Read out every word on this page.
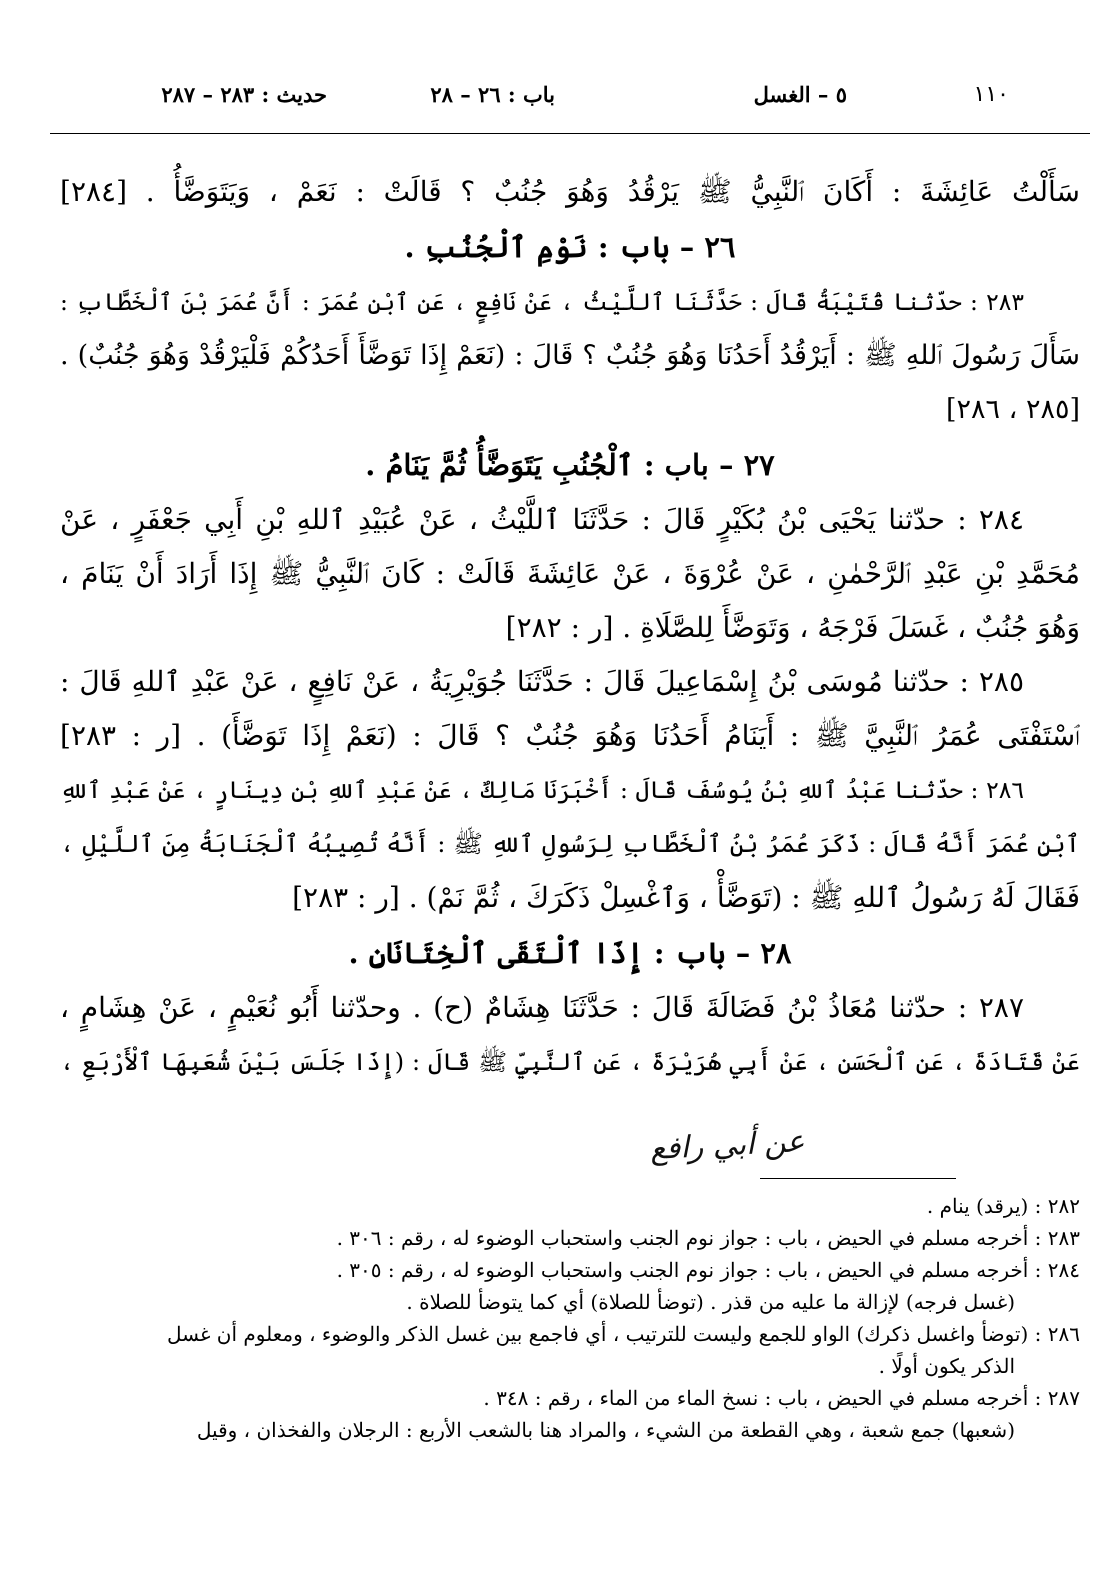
١١٠
٥ – الغسل
باب : ٢٦ – ٢٨
حديث : ٢٨٣ – ٢٨٧
سَأَلْتُ عَائِشَةَ : أَكَانَ ٱلنَّبِيُّ ﷺ يَرْقُدُ وَهُوَ جُنُبٌ ؟ قَالَتْ : نَعَمْ ، وَيَتَوَضَّأُ . [٢٨٤]
٢٦ – باب : نَوْمِ ٱلْجُنُبِ .
٢٨٣ : حدّثنا قُتَيْبَةُ قَالَ : حَدَّثَنَا ٱللَّيْثُ ، عَنْ نَافِعٍ ، عَنِ ٱبْنِ عُمَرَ : أَنَّ عُمَرَ بْنَ ٱلْخَطَّابِ :
سَأَلَ رَسُولَ ٱللهِ ﷺ : أَيَرْقُدُ أَحَدُنَا وَهُوَ جُنُبٌ ؟ قَالَ : (نَعَمْ إِذَا تَوَضَّأَ أَحَدُكُمْ فَلْيَرْقُدْ وَهُوَ جُنُبٌ) .
[٢٨٥ ، ٢٨٦]
٢٧ – باب : ٱلْجُنُبِ يَتَوَضَّأُ ثُمَّ يَنَامُ .
٢٨٤ : حدّثنا يَحْيَى بْنُ بُكَيْرٍ قَالَ : حَدَّثَنَا ٱللَّيْثُ ، عَنْ عُبَيْدِ ٱللهِ بْنِ أَبِي جَعْفَرٍ ، عَنْ
مُحَمَّدِ بْنِ عَبْدِ ٱلرَّحْمٰنِ ، عَنْ عُرْوَةَ ، عَنْ عَائِشَةَ قَالَتْ : كَانَ ٱلنَّبِيُّ ﷺ إِذَا أَرَادَ أَنْ يَنَامَ ،
وَهُوَ جُنُبٌ ، غَسَلَ فَرْجَهُ ، وَتَوَضَّأَ لِلصَّلَاةِ . [ر : ٢٨٢]
٢٨٥ : حدّثنا مُوسَى بْنُ إِسْمَاعِيلَ قَالَ : حَدَّثَنَا جُوَيْرِيَةُ ، عَنْ نَافِعٍ ، عَنْ عَبْدِ ٱللهِ قَالَ :
ٱسْتَفْتَى عُمَرُ ٱلنَّبِيَّ ﷺ : أَيَنَامُ أَحَدُنَا وَهُوَ جُنُبٌ ؟ قَالَ : (نَعَمْ إِذَا تَوَضَّأَ) . [ر : ٢٨٣]
٢٨٦ : حدّثنا عَبْدُ ٱللهِ بْنُ يُوسُفَ قَالَ : أَخْبَرَنَا مَالِكٌ ، عَنْ عَبْدِ ٱللهِ بْنِ دِينَارٍ ، عَنْ عَبْدِ ٱللهِ
ٱبْنِ عُمَرَ أَنَّهُ قَالَ : ذَكَرَ عُمَرُ بْنُ ٱلْخَطَّابِ لِرَسُولِ ٱللهِ ﷺ : أَنَّهُ تُصِيبُهُ ٱلْجَنَابَةُ مِنَ ٱللَّيْلِ ،
فَقَالَ لَهُ رَسُولُ ٱللهِ ﷺ : (تَوَضَّأْ ، وَٱغْسِلْ ذَكَرَكَ ، ثُمَّ نَمْ) . [ر : ٢٨٣]
٢٨ – باب : إِذَا ٱلْتَقَى ٱلْخِتَانَانِ .
٢٨٧ : حدّثنا مُعَاذُ بْنُ فَضَالَةَ قَالَ : حَدَّثَنَا هِشَامٌ (ح) . وحدّثنا أَبُو نُعَيْمٍ ، عَنْ هِشَامٍ ،
عَنْ قَتَادَةَ ، عَنِ ٱلْحَسَنِ ، عَنْ أَبِي هُرَيْرَةَ ، عَنِ ٱلنَّبِيِّ ﷺ قَالَ : (إِذَا جَلَسَ بَيْنَ شُعَبِهَا ٱلْأَرْبَعِ ،
عن أبي رافع
٢٨٢ : (يرقد) ينام .
٢٨٣ : أخرجه مسلم في الحيض ، باب : جواز نوم الجنب واستحباب الوضوء له ، رقم : ٣٠٦ .
٢٨٤ : أخرجه مسلم في الحيض ، باب : جواز نوم الجنب واستحباب الوضوء له ، رقم : ٣٠٥ .
(غسل فرجه) لإزالة ما عليه من قذر . (توضأ للصلاة) أي كما يتوضأ للصلاة .
٢٨٦ : (توضأ واغسل ذكرك) الواو للجمع وليست للترتيب ، أي فاجمع بين غسل الذكر والوضوء ، ومعلوم أن غسل
الذكر يكون أولًا .
٢٨٧ : أخرجه مسلم في الحيض ، باب : نسخ الماء من الماء ، رقم : ٣٤٨ .
(شعبها) جمع شعبة ، وهي القطعة من الشيء ، والمراد هنا بالشعب الأربع : الرجلان والفخذان ، وقيل
